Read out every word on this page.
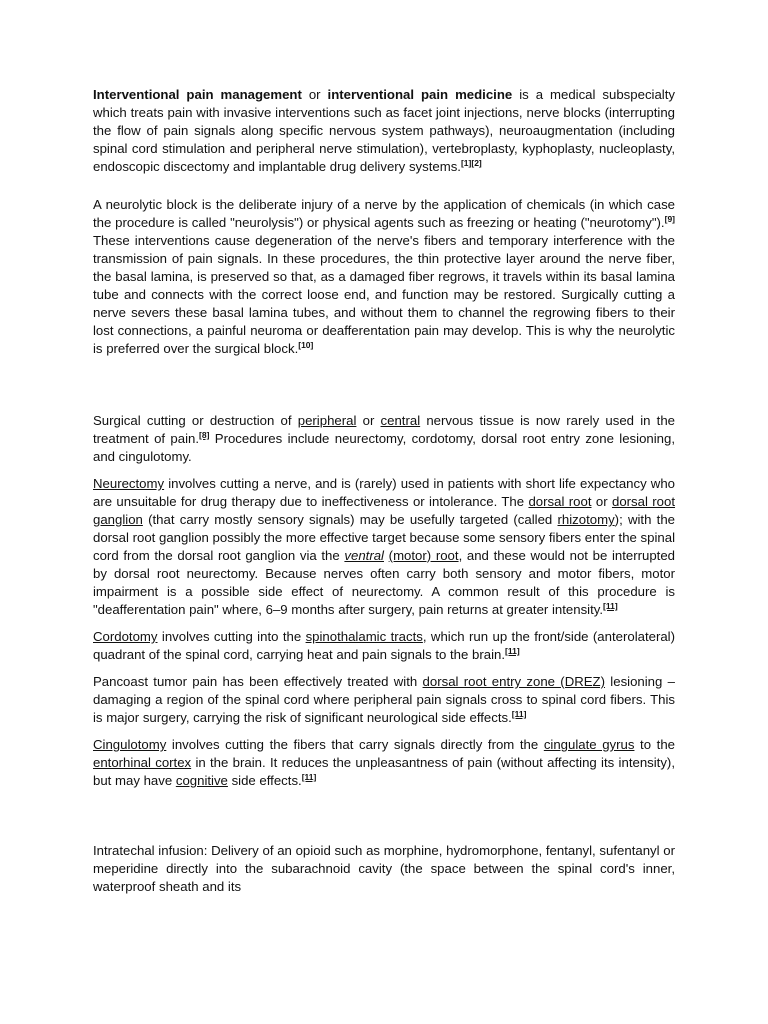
Interventional pain management or interventional pain medicine is a medical subspecialty which treats pain with invasive interventions such as facet joint injections, nerve blocks (interrupting the flow of pain signals along specific nervous system pathways), neuroaugmentation (including spinal cord stimulation and peripheral nerve stimulation), vertebroplasty, kyphoplasty, nucleoplasty, endoscopic discectomy and implantable drug delivery systems.[1][2]

A neurolytic block is the deliberate injury of a nerve by the application of chemicals (in which case the procedure is called "neurolysis") or physical agents such as freezing or heating ("neurotomy").[9] These interventions cause degeneration of the nerve's fibers and temporary interference with the transmission of pain signals. In these procedures, the thin protective layer around the nerve fiber, the basal lamina, is preserved so that, as a damaged fiber regrows, it travels within its basal lamina tube and connects with the correct loose end, and function may be restored. Surgically cutting a nerve severs these basal lamina tubes, and without them to channel the regrowing fibers to their lost connections, a painful neuroma or deafferentation pain may develop. This is why the neurolytic is preferred over the surgical block.[10]

Surgical cutting or destruction of peripheral or central nervous tissue is now rarely used in the treatment of pain.[8] Procedures include neurectomy, cordotomy, dorsal root entry zone lesioning, and cingulotomy.

Neurectomy involves cutting a nerve, and is (rarely) used in patients with short life expectancy who are unsuitable for drug therapy due to ineffectiveness or intolerance. The dorsal root or dorsal root ganglion (that carry mostly sensory signals) may be usefully targeted (called rhizotomy); with the dorsal root ganglion possibly the more effective target because some sensory fibers enter the spinal cord from the dorsal root ganglion via the ventral (motor) root, and these would not be interrupted by dorsal root neurectomy. Because nerves often carry both sensory and motor fibers, motor impairment is a possible side effect of neurectomy. A common result of this procedure is "deafferentation pain" where, 6–9 months after surgery, pain returns at greater intensity.[11]

Cordotomy involves cutting into the spinothalamic tracts, which run up the front/side (anterolateral) quadrant of the spinal cord, carrying heat and pain signals to the brain.[11]

Pancoast tumor pain has been effectively treated with dorsal root entry zone (DREZ) lesioning – damaging a region of the spinal cord where peripheral pain signals cross to spinal cord fibers. This is major surgery, carrying the risk of significant neurological side effects.[11]

Cingulotomy involves cutting the fibers that carry signals directly from the cingulate gyrus to the entorhinal cortex in the brain. It reduces the unpleasantness of pain (without affecting its intensity), but may have cognitive side effects.[11]

Intratechal infusion: Delivery of an opioid such as morphine, hydromorphone, fentanyl, sufentanyl or meperidine directly into the subarachnoid cavity (the space between the spinal cord's inner, waterproof sheath and its
